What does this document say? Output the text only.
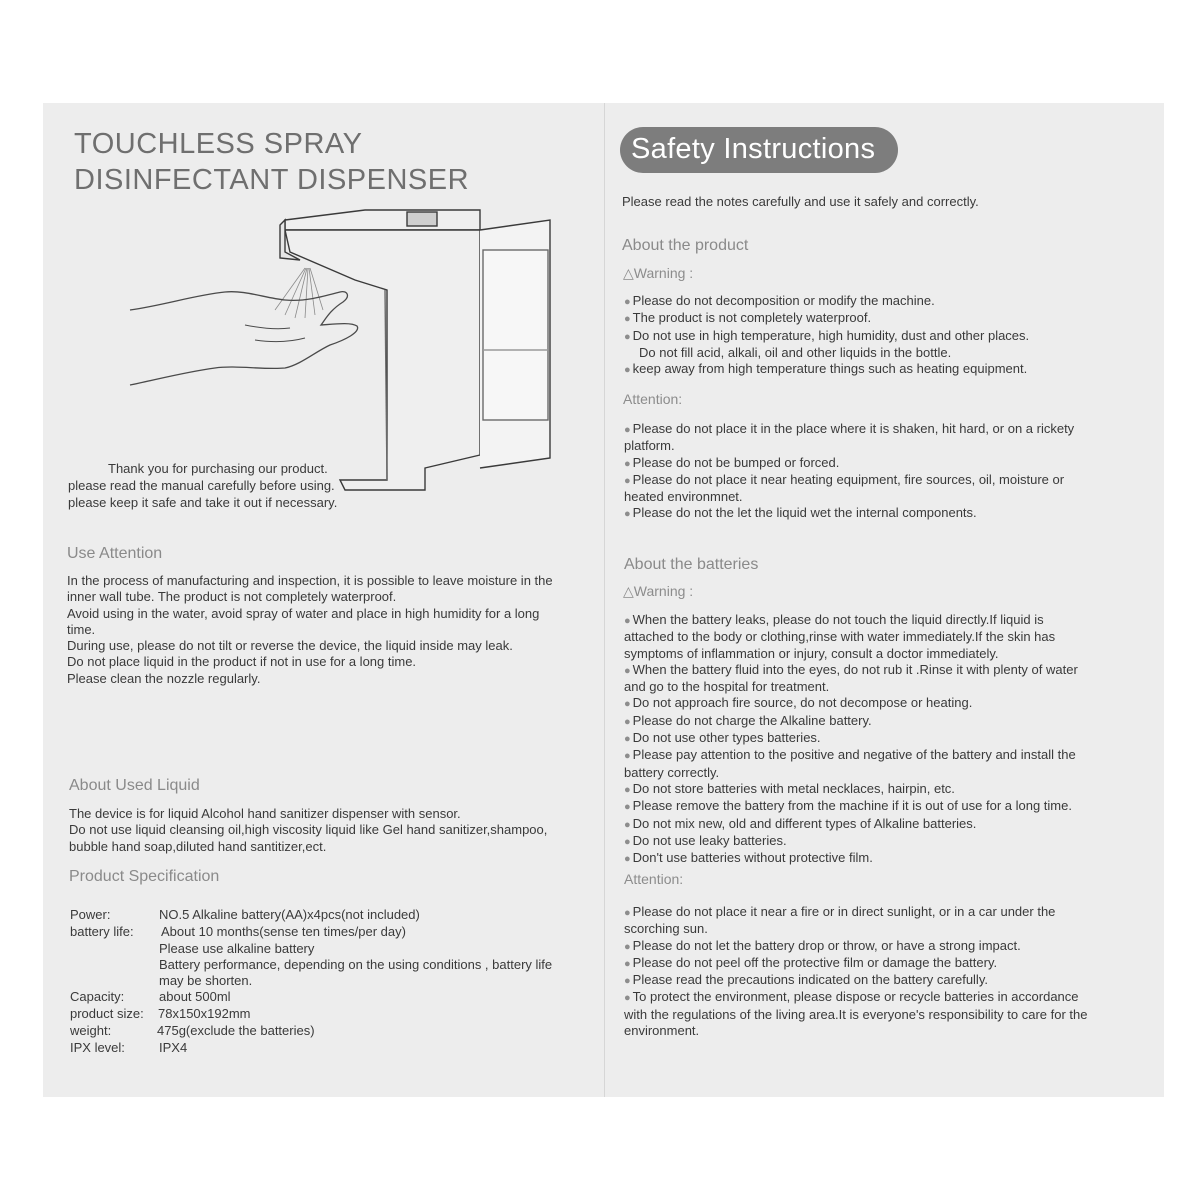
TOUCHLESS SPRAY
DISINFECTANT DISPENSER
Thank you for purchasing our product.
please read the manual carefully before using.
please keep it safe and take it out if necessary.
Use Attention

In the process of manufacturing and inspection, it is possible to leave moisture in the

inner wall tube. The product is not completely waterproof.

Avoid using in the water, avoid spray of water and place in high humidity for a long

time.

During use, please do not tilt or reverse the device, the liquid inside may leak.

Do not place liquid in the product if not in use for a long time.

Please clean the nozzle regularly.

About Used Liquid

The device is for liquid Alcohol hand sanitizer dispenser with sensor.

Do not use liquid cleansing oil,high viscosity liquid like Gel hand sanitizer,shampoo,

bubble hand soap,diluted hand santitizer,ect.

Product Specification
Power:	NO.5 Alkaline battery(AA)x4pcs(not included)
battery life: About 10 months(sense ten times/per day)
Please use alkaline battery
Battery performance, depending on the using conditions , battery life
may be shorten.
Capacity:	about 500ml
product size: 78x150x192mm
weight:	475g(exclude the batteries)
IPX level:	IPX4
Safety Instructions
Please read the notes carefully and use it safely and correctly.
About the product
△Warning :

● Please do not decomposition or modify the machine.

● The product is not completely waterproof.

● Do not use in high temperature, high humidity, dust and other places.

Do not fill acid, alkali, oil and other liquids in the bottle.

● keep away from high temperature things such as heating equipment.

Attention:

● Please do not place it in the place where it is shaken, hit hard, or on a rickety

platform.

● Please do not be bumped or forced.

● Please do not place it near heating equipment, fire sources, oil, moisture or

heated environmnet.

● Please do not the let the liquid wet the internal components.

About the batteries
△Warning :

● When the battery leaks, please do not touch the liquid directly.If liquid is

attached to the body or clothing,rinse with water immediately.If the skin has

symptoms of inflammation or injury, consult a doctor immediately.

● When the battery fluid into the eyes, do not rub it .Rinse it with plenty of water

and go to the hospital for treatment.

● Do not approach fire source, do not decompose or heating.

● Please do not charge the Alkaline battery.

● Do not use other types batteries.

● Please pay attention to the positive and negative of the battery and install the

battery correctly.

● Do not store batteries with metal necklaces, hairpin, etc.

● Please remove the battery from the machine if it is out of use for a long time.

● Do not mix new, old and different types of Alkaline batteries.

● Do not use leaky batteries.

● Don't use batteries without protective film.

Attention:

● Please do not place it near a fire or in direct sunlight, or in a car under the

scorching sun.

● Please do not let the battery drop or throw, or have a strong impact.

● Please do not peel off the protective film or damage the battery.

● Please read the precautions indicated on the battery carefully.

● To protect the environment, please dispose or recycle batteries in accordance

with the regulations of the living area.It is everyone's responsibility to care for the

environment.
